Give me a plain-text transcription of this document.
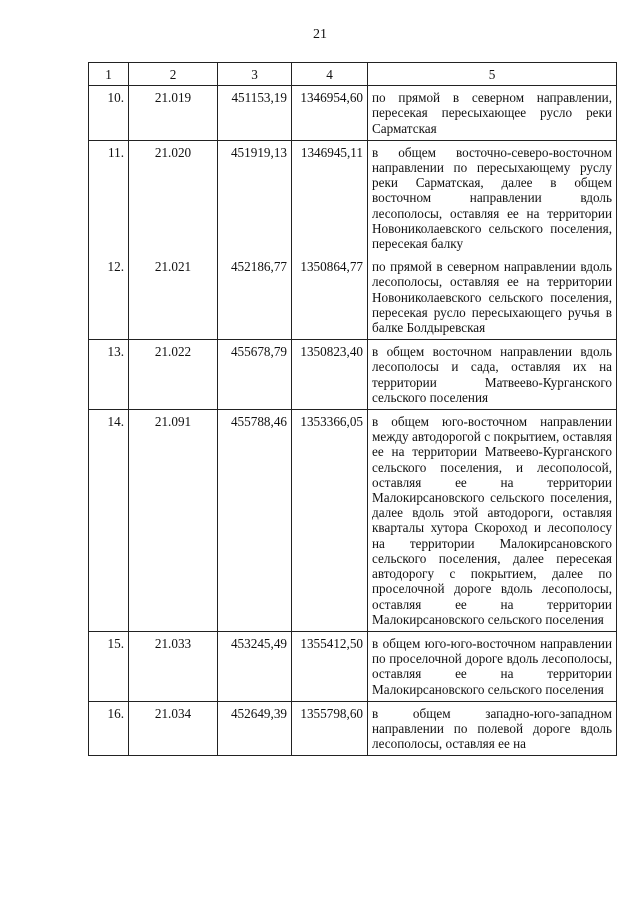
21
1	2	3	4	5
10.	21.019	451153,19	1346954,60	по прямой в северном направлении, пересекая пересыхающее русло реки Сарматская
11.	21.020	451919,13	1346945,11	в общем восточно-северо-восточном направлении по пересыхающему руслу реки Сарматская, далее в общем восточном направлении вдоль лесополосы, оставляя ее на территории Новониколаевского сельского поселения, пересекая балку
12.	21.021	452186,77	1350864,77	по прямой в северном направлении вдоль лесополосы, оставляя ее на территории Новониколаевского сельского поселения, пересекая русло пересыхающего ручья в балке Болдыревская
13.	21.022	455678,79	1350823,40	в общем восточном направлении вдоль лесополосы и сада, оставляя их на территории Матвеево-Курганского сельского поселения
14.	21.091	455788,46	1353366,05	в общем юго-восточном направлении между автодорогой с покрытием, оставляя ее на территории Матвеево-Курганского сельского поселения, и лесополосой, оставляя ее на территории Малокирсановского сельского поселения, далее вдоль этой автодороги, оставляя кварталы хутора Скороход и лесополосу на территории Малокирсановского сельского поселения, далее пересекая автодорогу с покрытием, далее по проселочной дороге вдоль лесополосы, оставляя ее на территории Малокирсановского сельского поселения
15.	21.033	453245,49	1355412,50	в общем юго-юго-восточном направлении по проселочной дороге вдоль лесополосы, оставляя ее на территории Малокирсановского сельского поселения
16.	21.034	452649,39	1355798,60	в общем западно-юго-западном направлении по полевой дороге вдоль лесополосы, оставляя ее на
